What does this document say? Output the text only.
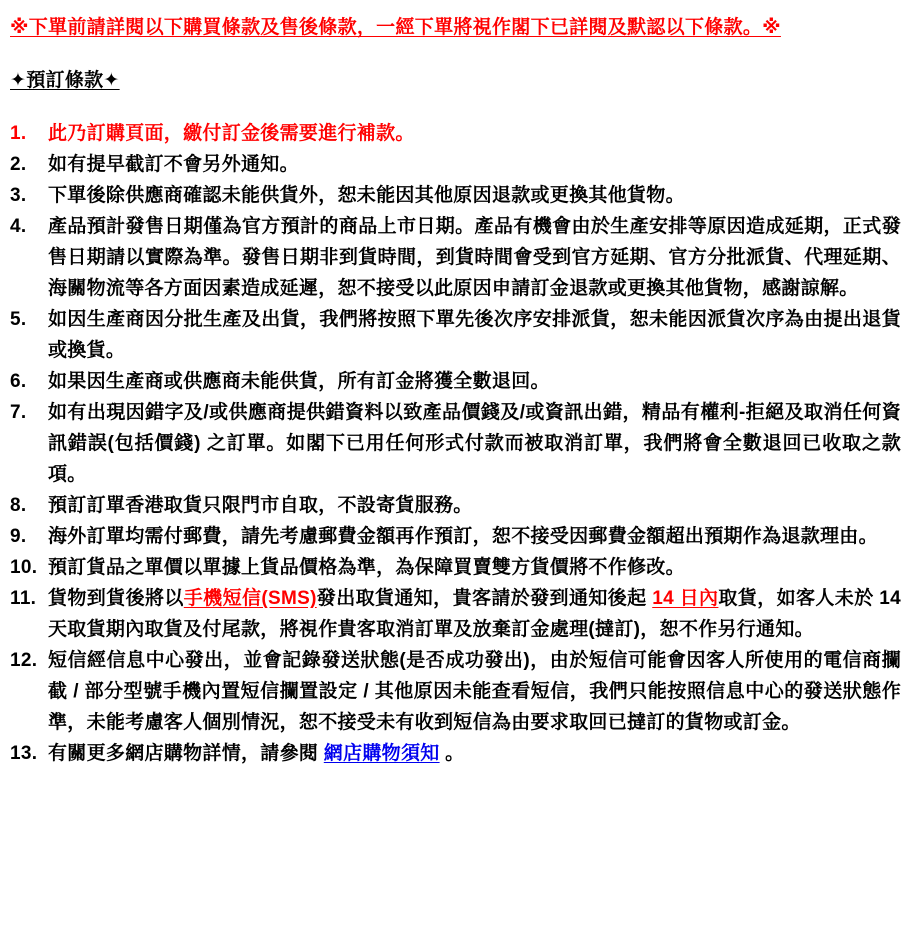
※下單前請詳閱以下購買條款及售後條款，一經下單將視作閣下已詳閱及默認以下條款。※
✦預訂條款✦
1.	此乃訂購頁面，繳付訂金後需要進行補款。
2.	如有提早截訂不會另外通知。
3.	下單後除供應商確認未能供貨外，恕未能因其他原因退款或更換其他貨物。
4.	產品預計發售日期僅為官方預計的商品上市日期。產品有機會由於生產安排等原因造成延期，正式發售日期請以實際為準。發售日期非到貨時間，到貨時間會受到官方延期、官方分批派貨、代理延期、海關物流等各方面因素造成延遲，恕不接受以此原因申請訂金退款或更換其他貨物，感謝諒解。
5.	如因生產商因分批生產及出貨，我們將按照下單先後次序安排派貨，恕未能因派貨次序為由提出退貨或換貨。
6.	如果因生產商或供應商未能供貨，所有訂金將獲全數退回。
7.	如有出現因錯字及/或供應商提供錯資料以致產品價錢及/或資訊出錯，精品有權利-拒絕及取消任何資訊錯誤(包括價錢) 之訂單。如閣下已用任何形式付款而被取消訂單，我們將會全數退回已收取之款項。
8.	預訂訂單香港取貨只限門市自取，不設寄貨服務。
9.	海外訂單均需付郵費，請先考慮郵費金額再作預訂，恕不接受因郵費金額超出預期作為退款理由。
10. 預訂貨品之單價以單據上貨品價格為準，為保障買賣雙方貨價將不作修改。
11. 貨物到貨後將以手機短信(SMS)發出取貨通知，貴客請於發到通知後起 14 日內取貨，如客人未於 14 天取貨期內取貨及付尾款，將視作貴客取消訂單及放棄訂金處理(撻訂)，恕不作另行通知。
12. 短信經信息中心發出，並會記錄發送狀態(是否成功發出)，由於短信可能會因客人所使用的電信商攔截 / 部分型號手機內置短信攔置設定 / 其他原因未能查看短信，我們只能按照信息中心的發送狀態作準，未能考慮客人個別情況，恕不接受未有收到短信為由要求取回已撻訂的貨物或訂金。
13. 有關更多網店購物詳情，請參閱 網店購物須知 。
